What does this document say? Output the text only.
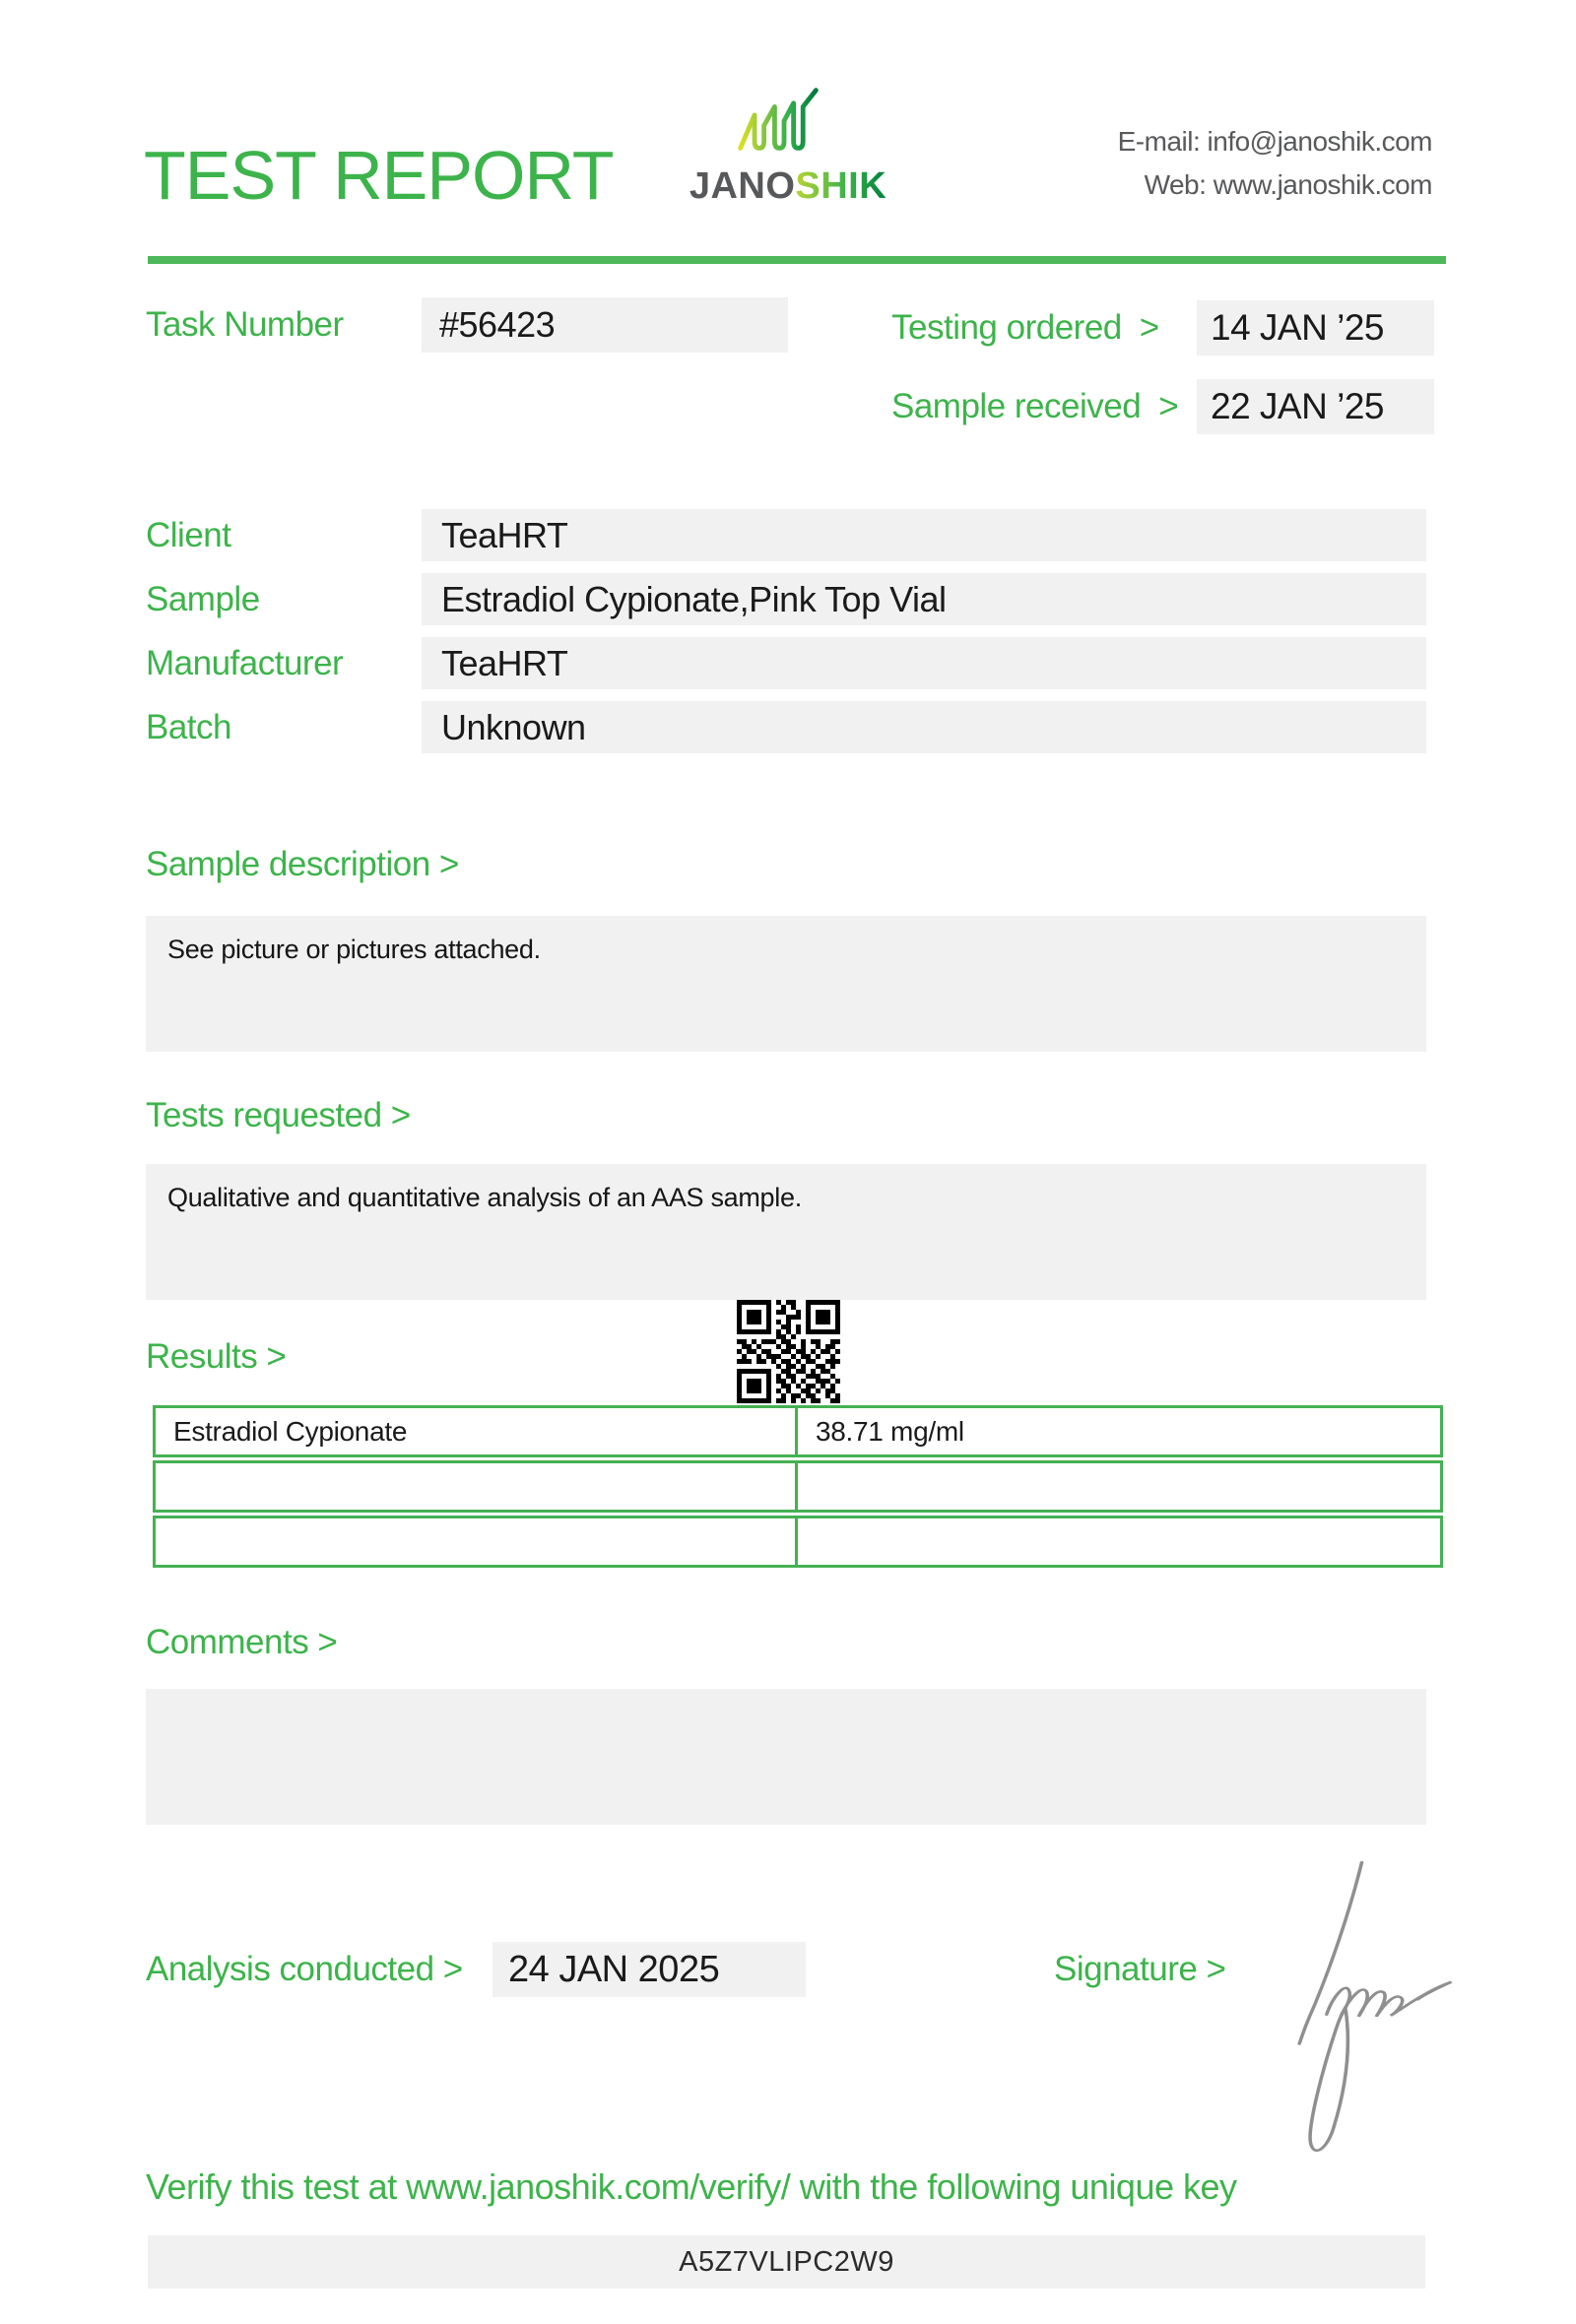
TEST REPORT	JANOSHIK
E-mail: info@janoshik.com
Web: www.janoshik.com
Task Number	#56423	Testing ordered >	14 JAN ’25
Sample received > 22 JAN ’25
Client	TeaHRT
Sample	Estradiol Cypionate,Pink Top Vial
Manufacturer	TeaHRT
Batch	Unknown
Sample description >
See picture or pictures attached.
Tests requested >
Qualitative and quantitative analysis of an AAS sample.
Results >
Estradiol Cypionate	38.71 mg/ml
Comments >
Analysis conducted >	24 JAN 2025	Signature >
Verify this test at www.janoshik.com/verify/ with the following unique key
A5Z7VLIPC2W9
